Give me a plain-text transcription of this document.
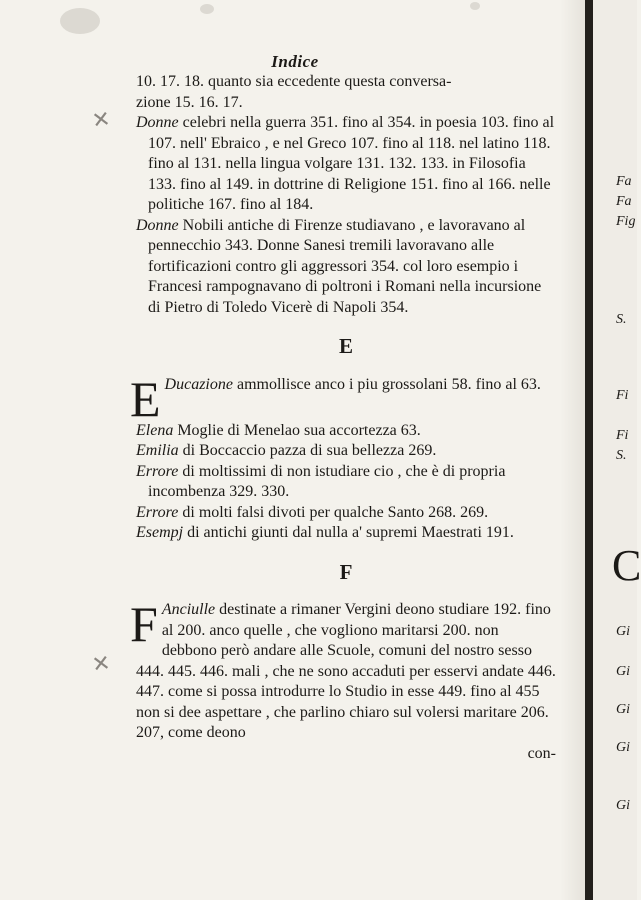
Indice
✕
✕

10. 17. 18. quanto sia eccedente questa conversa-
zione 15. 16. 17.

Donne celebri nella guerra 351. fino al 354. in poesia 103. fino al 107. nell' Ebraico , e nel Greco 107. fino al 118. nel latino 118. fino al 131. nella lingua volgare 131. 132. 133. in Filosofia 133. fino al 149. in dottrine di Religione 151. fino al 166. nelle politiche 167. fino al 184.

Donne Nobili antiche di Firenze studiavano , e lavoravano al pennecchio 343. Donne Sanesi tremili lavoravano alle fortificazioni contro gli aggressori 354. col loro esempio i Francesi rampognavano di poltroni i Romani nella incursione di Pietro di Toledo Vicerè di Napoli 354.

E

E Ducazione ammollisce anco i piu grossolani 58. fino al 63.

Elena Moglie di Menelao sua accortezza 63.

Emilia di Boccaccio pazza di sua bellezza 269.

Errore di moltissimi di non istudiare cio , che è di propria incombenza 329. 330.

Errore di molti falsi divoti per qualche Santo 268. 269.

Esempj di antichi giunti dal nulla a' supremi Maestrati 191.

F

F Anciulle destinate a rimaner Vergini deono studiare 192. fino al 200. anco quelle , che vogliono maritarsi 200. non debbono però andare alle Scuole, comuni del nostro sesso 444. 445. 446. mali , che ne sono accaduti per esservi andate 446. 447. come si possa introdurre lo Studio in esse 449. fino al 455 non si dee aspettare , che parlino chiaro sul volersi maritare 206. 207, come deono

con-
Fa
Fa
Fig
S.
Fi
Fi
S.
C
Gi
Gi
Gi
Gi
Gi
